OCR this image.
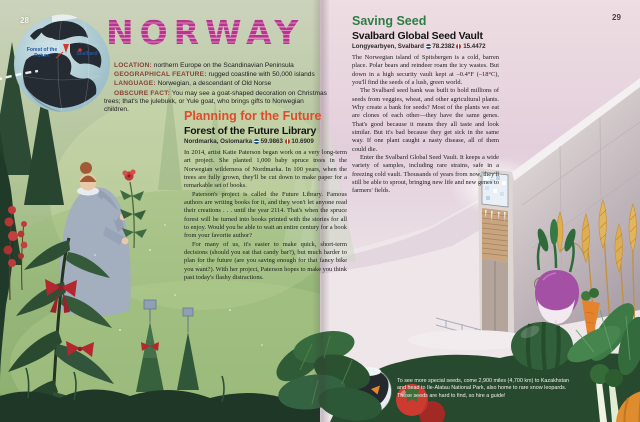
28	29
Forest of the Future	Svalbard
NORWAY
LOCATION: northern Europe on the Scandinavian Peninsula
GEOGRAPHICAL FEATURE: rugged coastline with 50,000 islands
LANGUAGE: Norwegian, a descendant of Old Norse
OBSCURE FACT: You may see a goat-shaped decoration on Christmas trees; that's the julebukk, or Yule goat, who brings gifts to Norwegian children.	Planning for the Future
Forest of the Future Library
Nordmarka, Oslomarka 59.9863 10.6909

In 2014, artist Katie Paterson began work on a very long-term art project. She planted 1,000 baby spruce trees in the Norwegian wilderness of Nordmarka. In 100 years, when the trees are fully grown, they'll be cut down to make paper for a remarkable set of books.

Paterson's project is called the Future Library. Famous authors are writing books for it, and they won't let anyone read their creations . . . until the year 2114. That's when the spruce forest will be turned into books printed with the stories for all to enjoy. Would you be able to wait an entire century for a book from your favorite author?

For many of us, it's easier to make quick, short-term decisions (should you eat that candy bar?), but much harder to plan for the future (are you saving enough for that fancy bike you want?). With her project, Paterson hopes to make you think past today's flashy distractions.

Saving Seed
Svalbard Global Seed Vault
Longyearbyen, Svalbard 78.2382 15.4472

The Norwegian island of Spitsbergen is a cold, barren place. Polar bears and reindeer roam the icy wastes. But down in a high security vault kept at –0.4°F (–18°C), you'll find the seeds of a lush, green world.

The Svalbard seed bank was built to hold millions of seeds from veggies, wheat, and other agricultural plants. Why create a bank for seeds? Most of the plants we eat are clones of each other—they have the same genes. That's good because it means they all taste and look similar. But it's bad because they get sick in the same way. If one plant caught a nasty disease, all of them could die.

Enter the Svalbard Global Seed Vault. It keeps a wide variety of samples, including rare strains, safe in a freezing cold vault. Thousands of years from now, they'll still be able to sprout, bringing new life and new genes to farmers' fields.

To see more special seeds, come 2,900 miles (4,700 km) to Kazakhstan and head to Ile-Alatau National Park, also home to rare snow leopards. These seeds are hard to find, so hire a guide!
